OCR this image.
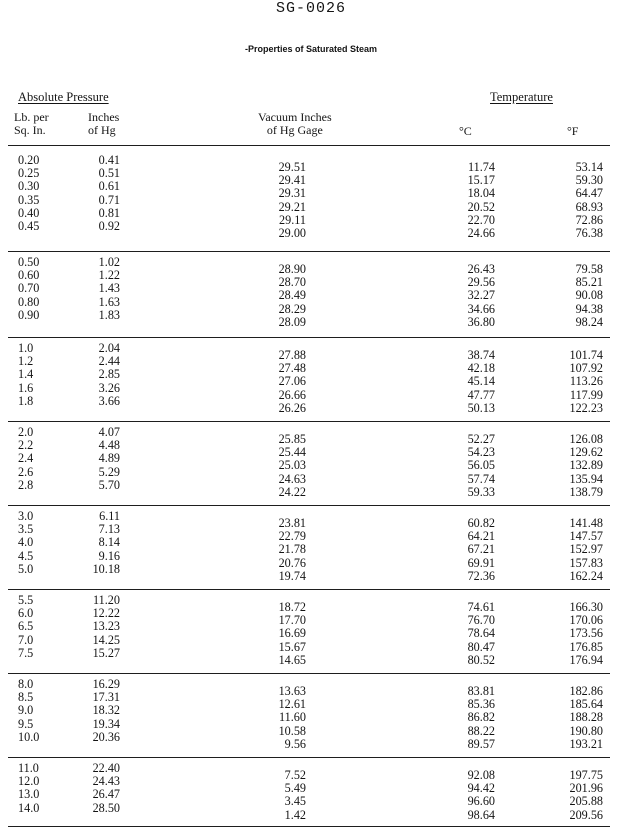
SG-0026
-Properties of Saturated Steam
Absolute Pressure	Temperature
Lb. per
Sq. In.
Inches
of Hg
Vacuum Inches
of Hg Gage	°C	°F
0.20	0.41	29.51	11.74	53.14
0.25	0.51	29.41	15.17	59.30
0.30	0.61	29.31	18.04	64.47
0.35	0.71	29.21	20.52	68.93
0.40	0.81	29.11	22.70	72.86
0.45	0.92	29.00	24.66	76.38
0.50	1.02	28.90	26.43	79.58
0.60	1.22	28.70	29.56	85.21
0.70	1.43	28.49	32.27	90.08
0.80	1.63	28.29	34.66	94.38
0.90	1.83	28.09	36.80	98.24
1.0	2.04	27.88	38.74	101.74
1.2	2.44	27.48	42.18	107.92
1.4	2.85	27.06	45.14	113.26
1.6	3.26	26.66	47.77	117.99
1.8	3.66	26.26	50.13	122.23
2.0	4.07	25.85	52.27	126.08
2.2	4.48	25.44	54.23	129.62
2.4	4.89	25.03	56.05	132.89
2.6	5.29	24.63	57.74	135.94
2.8	5.70	24.22	59.33	138.79
3.0	6.11	23.81	60.82	141.48
3.5	7.13	22.79	64.21	147.57
4.0	8.14	21.78	67.21	152.97
4.5	9.16	20.76	69.91	157.83
5.0	10.18	19.74	72.36	162.24
5.5	11.20	18.72	74.61	166.30
6.0	12.22	17.70	76.70	170.06
6.5	13.23	16.69	78.64	173.56
7.0	14.25	15.67	80.47	176.85
7.5	15.27	14.65	80.52	176.94
8.0	16.29	13.63	83.81	182.86
8.5	17.31	12.61	85.36	185.64
9.0	18.32	11.60	86.82	188.28
9.5	19.34	10.58	88.22	190.80
10.0	20.36	9.56	89.57	193.21
11.0	22.40	7.52	92.08	197.75
12.0	24.43	5.49	94.42	201.96
13.0	26.47	3.45	96.60	205.88
14.0	28.50	1.42	98.64	209.56
